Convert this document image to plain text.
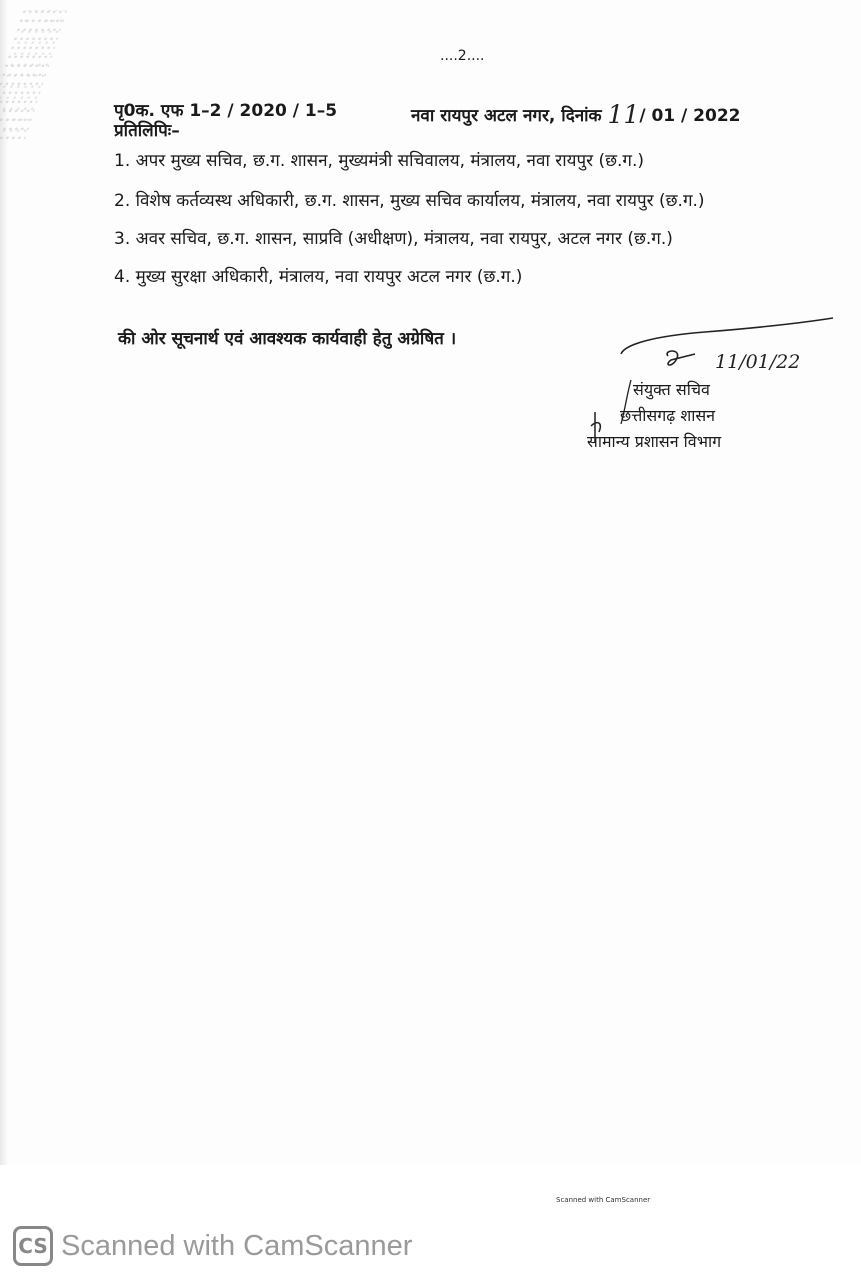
....2....
पृ0क. एफ 1–2 / 2020 / 1–5	नवा रायपुर अटल नगर, दिनांक 11/ 01 / 2022
प्रतिलिपिः–
1. अपर मुख्य सचिव, छ.ग. शासन, मुख्यमंत्री सचिवालय, मंत्रालय, नवा रायपुर (छ.ग.)
2. विशेष कर्तव्यस्थ अधिकारी, छ.ग. शासन, मुख्य सचिव कार्यालय, मंत्रालय, नवा रायपुर (छ.ग.)
3. अवर सचिव, छ.ग. शासन, साप्रवि (अधीक्षण), मंत्रालय, नवा रायपुर, अटल नगर (छ.ग.)
4. मुख्य सुरक्षा अधिकारी, मंत्रालय, नवा रायपुर अटल नगर (छ.ग.)
की ओर सूचनार्थ एवं आवश्यक कार्यवाही हेतु अग्रेषित ।
11/01/22
संयुक्त सचिव
छत्तीसगढ़ शासन
सामान्य प्रशासन विभाग
Scanned with CamScanner
CS Scanned with CamScanner
